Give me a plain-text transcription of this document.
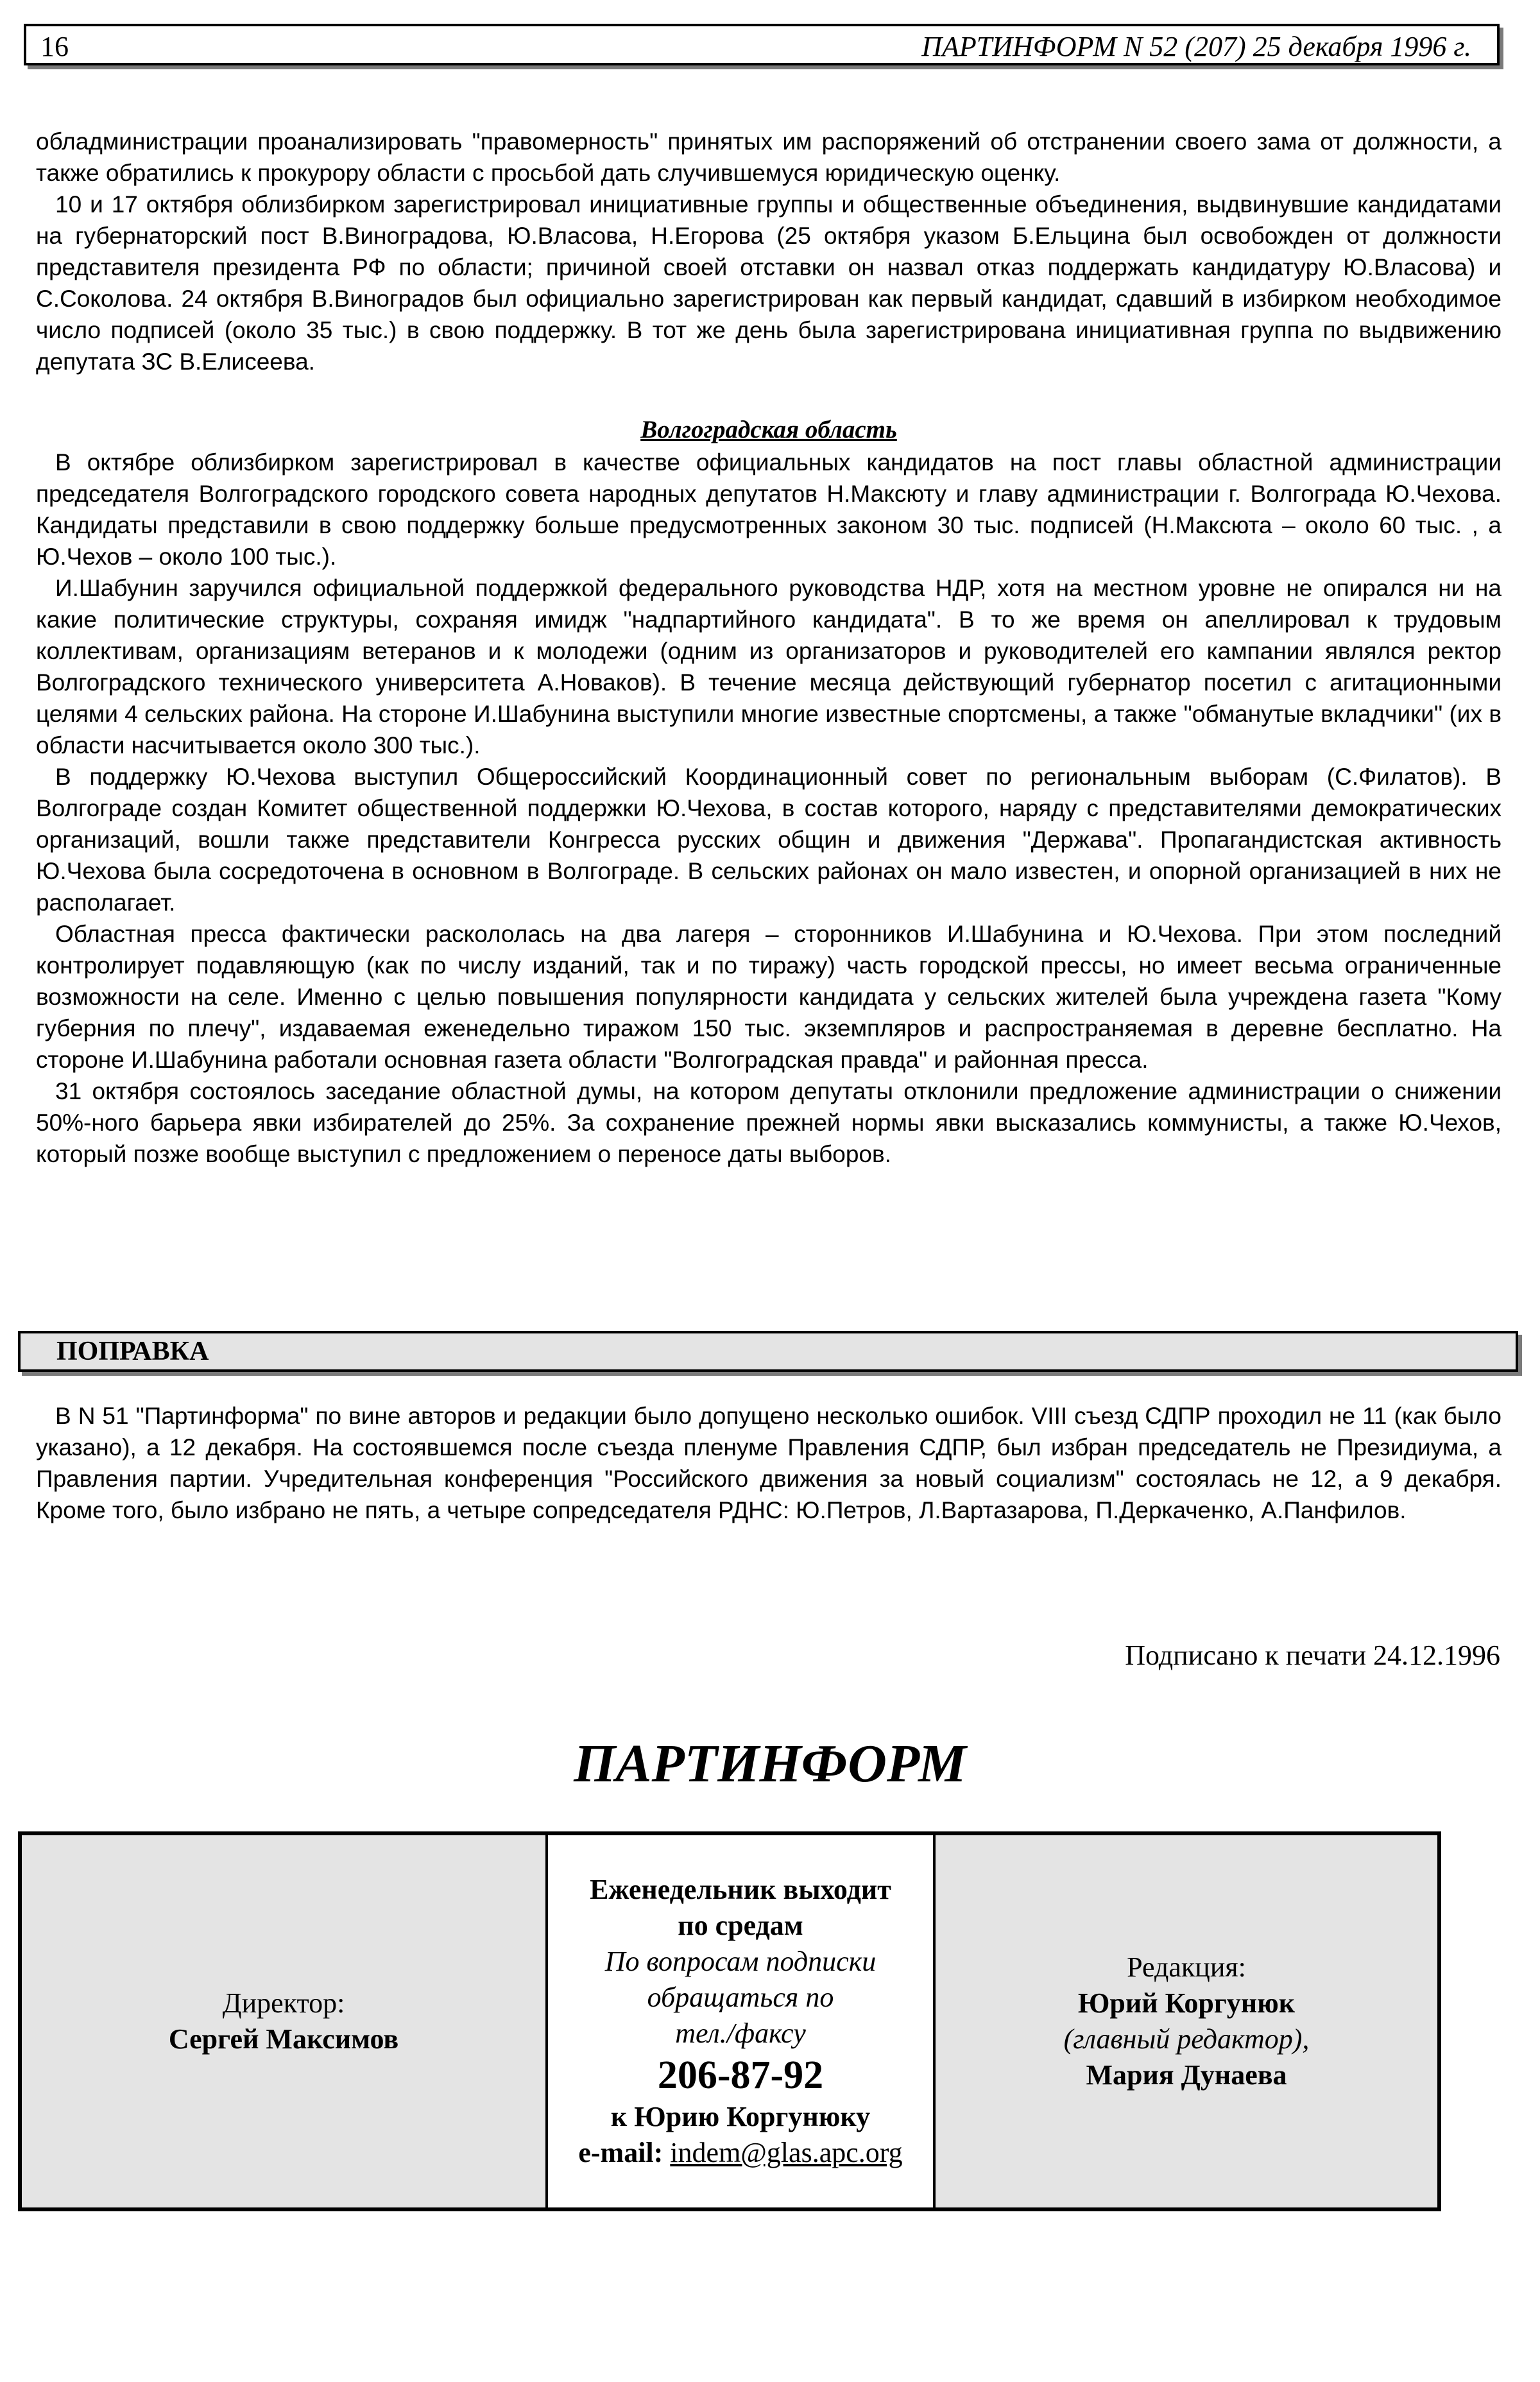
16	ПАРТИНФОРМ N 52 (207) 25 декабря 1996 г.

обладминистрации проанализировать "правомерность" принятых им распоряжений об отстранении своего зама от должности, а также обратились к прокурору области с просьбой дать случившемуся юридическую оценку.

10 и 17 октября облизбирком зарегистрировал инициативные группы и общественные объединения, выдвинувшие кандидатами на губернаторский пост В.Виноградова, Ю.Власова, Н.Егорова (25 октября указом Б.Ельцина был освобожден от должности представителя президента РФ по области; причиной своей отставки он назвал отказ поддержать кандидатуру Ю.Власова) и С.Соколова. 24 октября В.Виноградов был официально зарегистрирован как первый кандидат, сдавший в избирком необходимое число подписей (около 35 тыс.) в свою поддержку. В тот же день была зарегистрирована инициативная группа по выдвижению депутата ЗС В.Елисеева.

Волгоградская область

В октябре облизбирком зарегистрировал в качестве официальных кандидатов на пост главы областной администрации председателя Волгоградского городского совета народных депутатов Н.Максюту и главу администрации г. Волгограда Ю.Чехова. Кандидаты представили в свою поддержку больше предусмотренных законом 30 тыс. подписей (Н.Максюта – около 60 тыс. , а Ю.Чехов – около 100 тыс.).

И.Шабунин заручился официальной поддержкой федерального руководства НДР, хотя на местном уровне не опирался ни на какие политические структуры, сохраняя имидж "надпартийного кандидата". В то же время он апеллировал к трудовым коллективам, организациям ветеранов и к молодежи (одним из организаторов и руководителей его кампании являлся ректор Волгоградского технического университета А.Новаков). В течение месяца действующий губернатор посетил с агитационными целями 4 сельских района. На стороне И.Шабунина выступили многие известные спортсмены, а также "обманутые вкладчики" (их в области насчитывается около 300 тыс.).

В поддержку Ю.Чехова выступил Общероссийский Координационный совет по региональным выборам (С.Филатов). В Волгограде создан Комитет общественной поддержки Ю.Чехова, в состав которого, наряду с представителями демократических организаций, вошли также представители Конгресса русских общин и движения "Держава". Пропагандистская активность Ю.Чехова была сосредоточена в основном в Волгограде. В сельских районах он мало известен, и опорной организацией в них не располагает.

Областная пресса фактически раскололась на два лагеря – сторонников И.Шабунина и Ю.Чехова. При этом последний контролирует подавляющую (как по числу изданий, так и по тиражу) часть городской прессы, но имеет весьма ограниченные возможности на селе. Именно с целью повышения популярности кандидата у сельских жителей была учреждена газета "Кому губерния по плечу", издаваемая еженедельно тиражом 150 тыс. экземпляров и распространяемая в деревне бесплатно. На стороне И.Шабунина работали основная газета области "Волгоградская правда" и районная пресса.

31 октября состоялось заседание областной думы, на котором депутаты отклонили предложение администрации о снижении 50%-ного барьера явки избирателей до 25%. За сохранение прежней нормы явки высказались коммунисты, а также Ю.Чехов, который позже вообще выступил с предложением о переносе даты выборов.

ПОПРАВКА

В N 51 "Партинформа" по вине авторов и редакции было допущено несколько ошибок. VIII съезд СДПР проходил не 11 (как было указано), а 12 декабря. На состоявшемся после съезда пленуме Правления СДПР, был избран председатель не Президиума, а Правления партии. Учредительная конференция "Российского движения за новый социализм" состоялась не 12, а 9 декабря. Кроме того, было избрано не пять, а четыре сопредседателя РДНС: Ю.Петров, Л.Вартазарова, П.Деркаченко, А.Панфилов.

Подписано к печати 24.12.1996
ПАРТИНФОРМ
Директор:
Сергей Максимов
Еженедельник выходит
по средам
По вопросам подписки
обращаться по
тел./факсу
206-87-92
к Юрию Коргунюку
e-mail: indem@glas.apc.org
Редакция:
Юрий Коргунюк
(главный редактор),
Мария Дунаева
